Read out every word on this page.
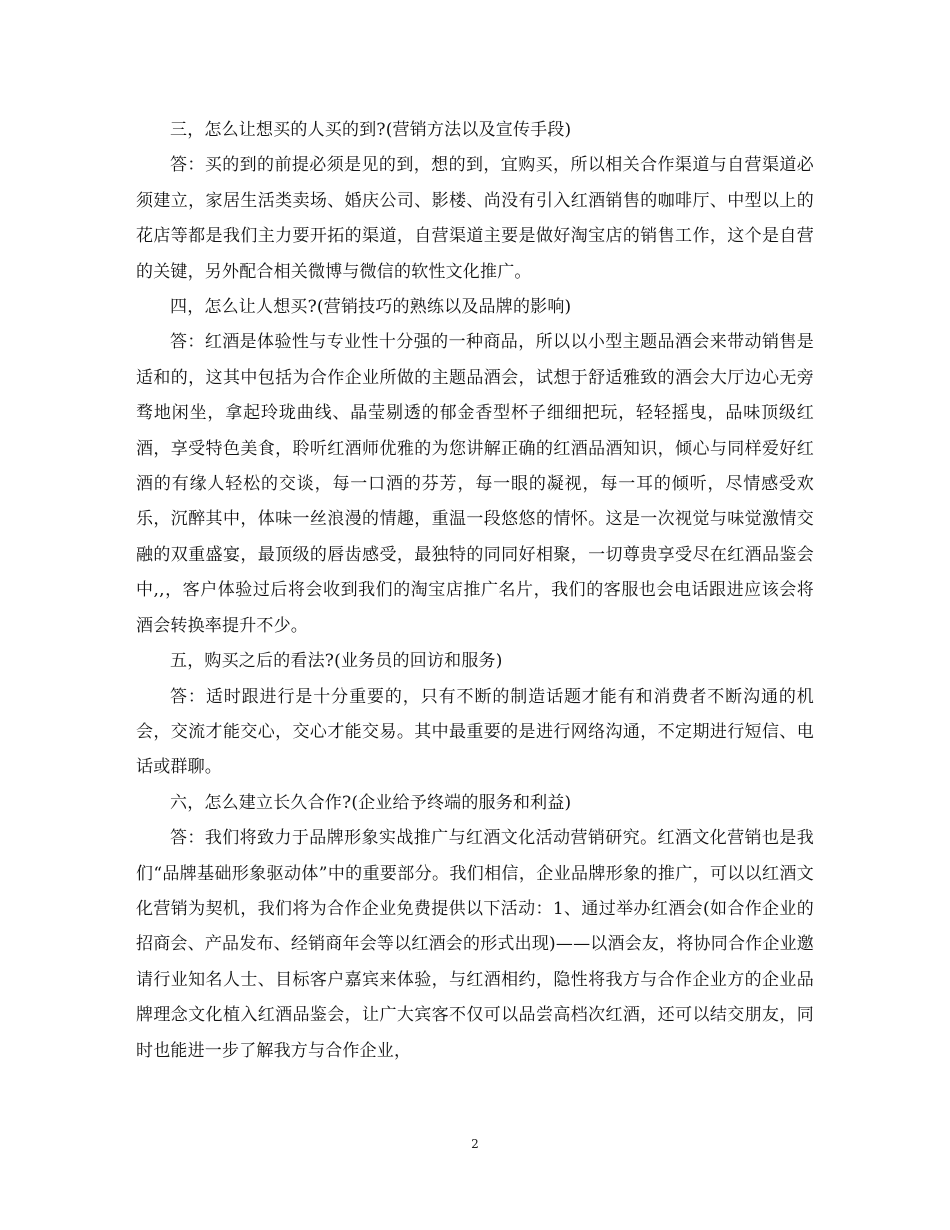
三，怎么让想买的人买的到?(营销方法以及宣传手段)

答：买的到的前提必须是见的到，想的到，宜购买，所以相关合作渠道与自营渠道必须建立，家居生活类卖场、婚庆公司、影楼、尚没有引入红酒销售的咖啡厅、中型以上的花店等都是我们主力要开拓的渠道，自营渠道主要是做好淘宝店的销售工作，这个是自营的关键，另外配合相关微博与微信的软性文化推广。

四，怎么让人想买?(营销技巧的熟练以及品牌的影响)

答：红酒是体验性与专业性十分强的一种商品，所以以小型主题品酒会来带动销售是适和的，这其中包括为合作企业所做的主题品酒会，试想于舒适雅致的酒会大厅边心无旁骛地闲坐，拿起玲珑曲线、晶莹剔透的郁金香型杯子细细把玩，轻轻摇曳，品味顶级红酒，享受特色美食，聆听红酒师优雅的为您讲解正确的红酒品酒知识，倾心与同样爱好红酒的有缘人轻松的交谈，每一口酒的芬芳，每一眼的凝视，每一耳的倾听，尽情感受欢乐，沉醉其中，体味一丝浪漫的情趣，重温一段悠悠的情怀。这是一次视觉与味觉激情交融的双重盛宴，最顶级的唇齿感受，最独特的同同好相聚，一切尊贵享受尽在红酒品鉴会中,,，客户体验过后将会收到我们的淘宝店推广名片，我们的客服也会电话跟进应该会将酒会转换率提升不少。

五，购买之后的看法?(业务员的回访和服务)

答：适时跟进行是十分重要的，只有不断的制造话题才能有和消费者不断沟通的机会，交流才能交心，交心才能交易。其中最重要的是进行网络沟通，不定期进行短信、电话或群聊。

六，怎么建立长久合作?(企业给予终端的服务和利益)

答：我们将致力于品牌形象实战推广与红酒文化活动营销研究。红酒文化营销也是我们“品牌基础形象驱动体”中的重要部分。我们相信，企业品牌形象的推广，可以以红酒文化营销为契机，我们将为合作企业免费提供以下活动：1、通过举办红酒会(如合作企业的招商会、产品发布、经销商年会等以红酒会的形式出现)——以酒会友，将协同合作企业邀请行业知名人士、目标客户嘉宾来体验，与红酒相约，隐性将我方与合作企业方的企业品牌理念文化植入红酒品鉴会，让广大宾客不仅可以品尝高档次红酒，还可以结交朋友，同时也能进一步了解我方与合作企业，

2
